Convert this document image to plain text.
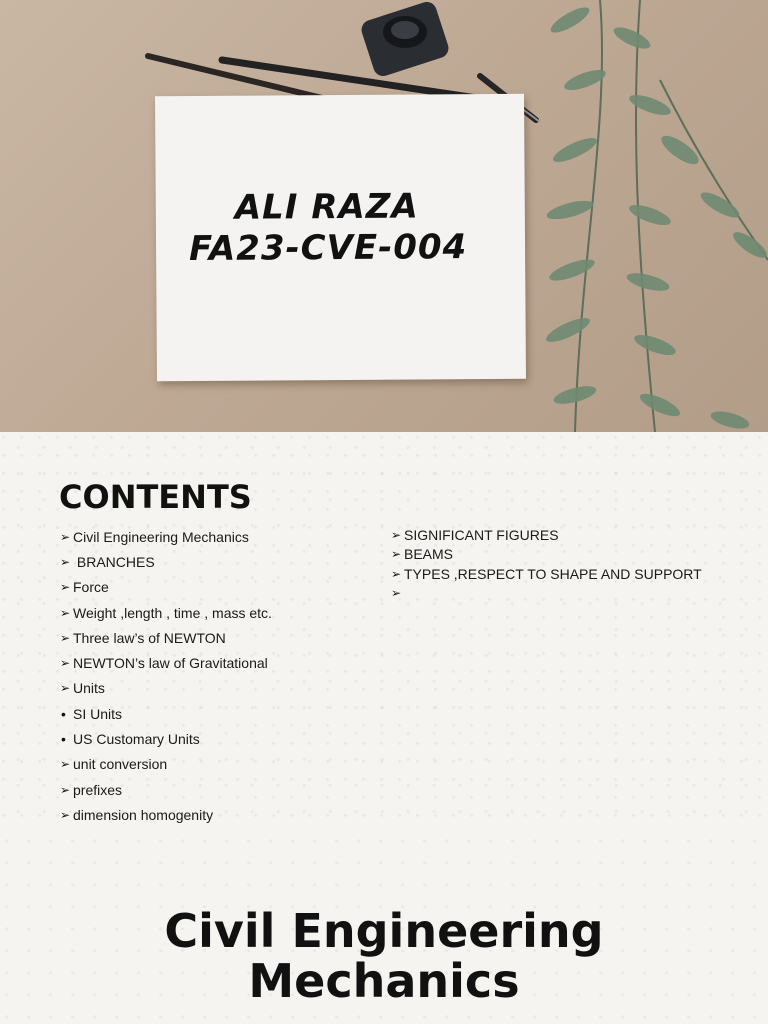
ALI RAZA
FA23-CVE-004
CONTENTS
➢ Civil Engineering Mechanics
➢ BRANCHES
➢ Force
➢ Weight ,length , time , mass etc.
➢ Three law’s of NEWTON
➢ NEWTON’s law of Gravitational
➢ Units
• SI Units
• US Customary Units
➢ unit conversion
➢ prefixes
➢ dimension homogenity
➢ SIGNIFICANT FIGURES
➢ BEAMS
➢ TYPES ,RESPECT TO SHAPE AND SUPPORT
➢
Civil Engineering
Mechanics
